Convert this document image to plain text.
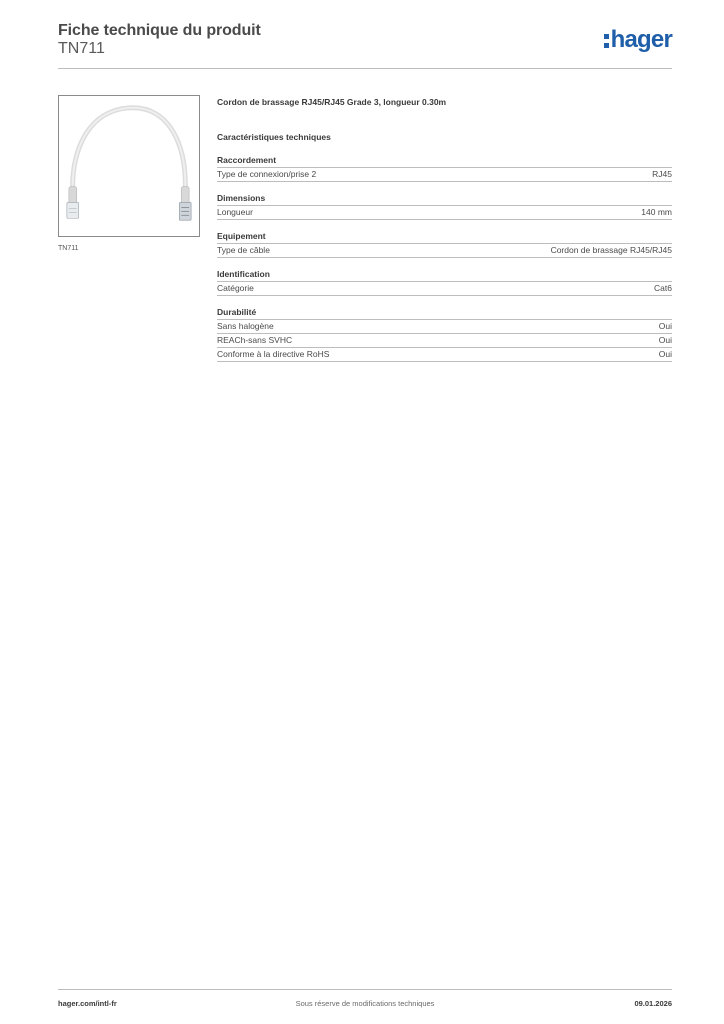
Fiche technique du produit
TN711	hager
TN711
Cordon de brassage RJ45/RJ45 Grade 3, longueur 0.30m
Caractéristiques techniques
Raccordement
Type de connexion/prise 2	RJ45
Dimensions
Longueur	140 mm
Equipement
Type de câble	Cordon de brassage RJ45/RJ45
Identification
Catégorie	Cat6
Durabilité
Sans halogène	Oui
REACh-sans SVHC	Oui
Conforme à la directive RoHS	Oui
hager.com/intl-fr	Sous réserve de modifications techniques	09.01.2026
